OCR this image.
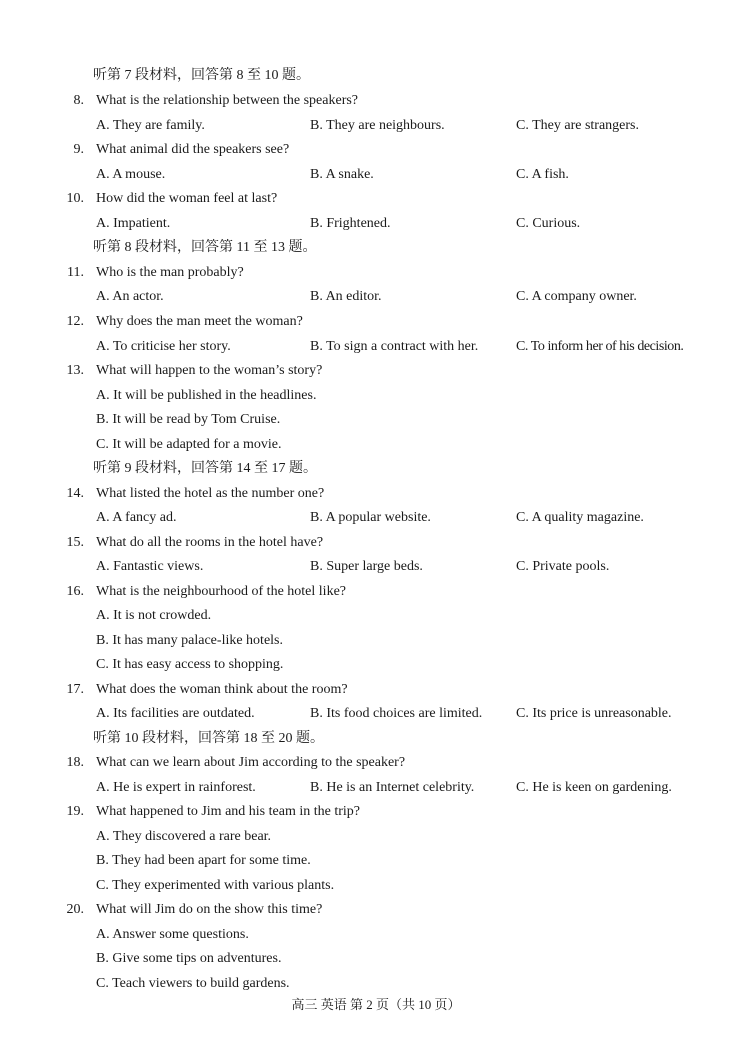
听第 7 段材料，回答第 8 至 10 题。
8. What is the relationship between the speakers?
A. They are family.	B. They are neighbours.	C. They are strangers.
9. What animal did the speakers see?
A. A mouse.	B. A snake.	C. A fish.
10. How did the woman feel at last?
A. Impatient.	B. Frightened.	C. Curious.
听第 8 段材料，回答第 11 至 13 题。
11. Who is the man probably?
A. An actor.	B. An editor.	C. A company owner.
12. Why does the man meet the woman?
A. To criticise her story.	B. To sign a contract with her.	C. To inform her of his decision.
13. What will happen to the woman’s story?
A. It will be published in the headlines.
B. It will be read by Tom Cruise.
C. It will be adapted for a movie.
听第 9 段材料，回答第 14 至 17 题。
14. What listed the hotel as the number one?
A. A fancy ad.	B. A popular website.	C. A quality magazine.
15. What do all the rooms in the hotel have?
A. Fantastic views.	B. Super large beds.	C. Private pools.
16. What is the neighbourhood of the hotel like?
A. It is not crowded.
B. It has many palace-like hotels.
C. It has easy access to shopping.
17. What does the woman think about the room?
A. Its facilities are outdated.	B. Its food choices are limited. C. Its price is unreasonable.
听第 10 段材料，回答第 18 至 20 题。
18. What can we learn about Jim according to the speaker?
A. He is expert in rainforest.	B. He is an Internet celebrity.	C. He is keen on gardening.
19. What happened to Jim and his team in the trip?
A. They discovered a rare bear.
B. They had been apart for some time.
C. They experimented with various plants.
20. What will Jim do on the show this time?
A. Answer some questions.
B. Give some tips on adventures.
C. Teach viewers to build gardens.
高三 英语 第 2 页（共 10 页）
